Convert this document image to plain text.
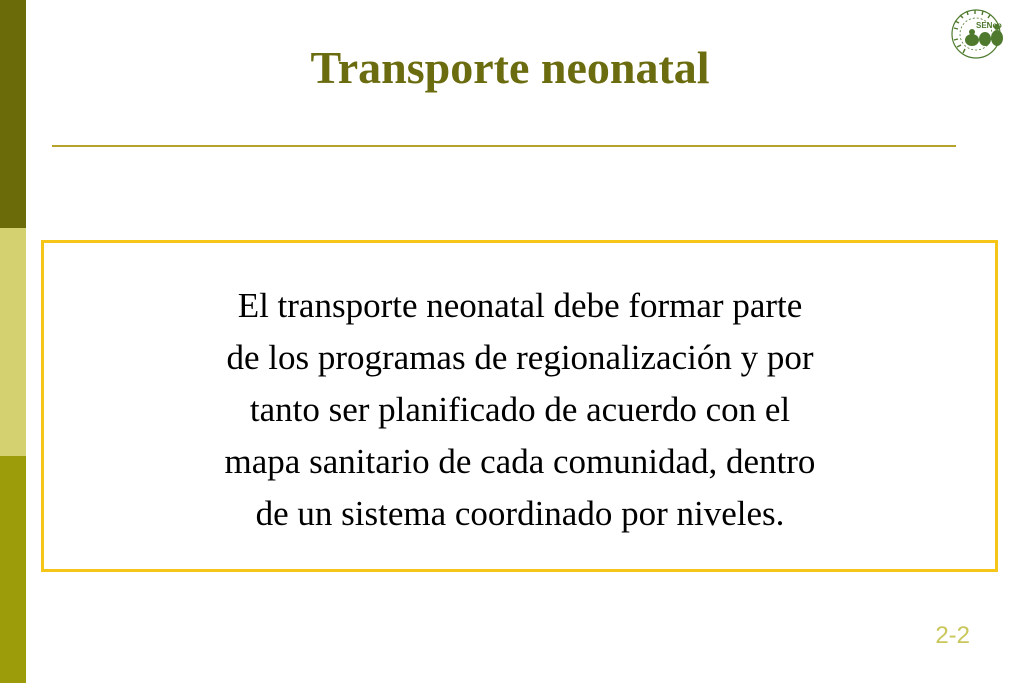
Transporte neonatal
SENeo
El transporte neonatal debe formar parte
de los programas de regionalización y por
tanto ser planificado de acuerdo con el
mapa sanitario de cada comunidad, dentro
de un sistema coordinado por niveles.
2-2
